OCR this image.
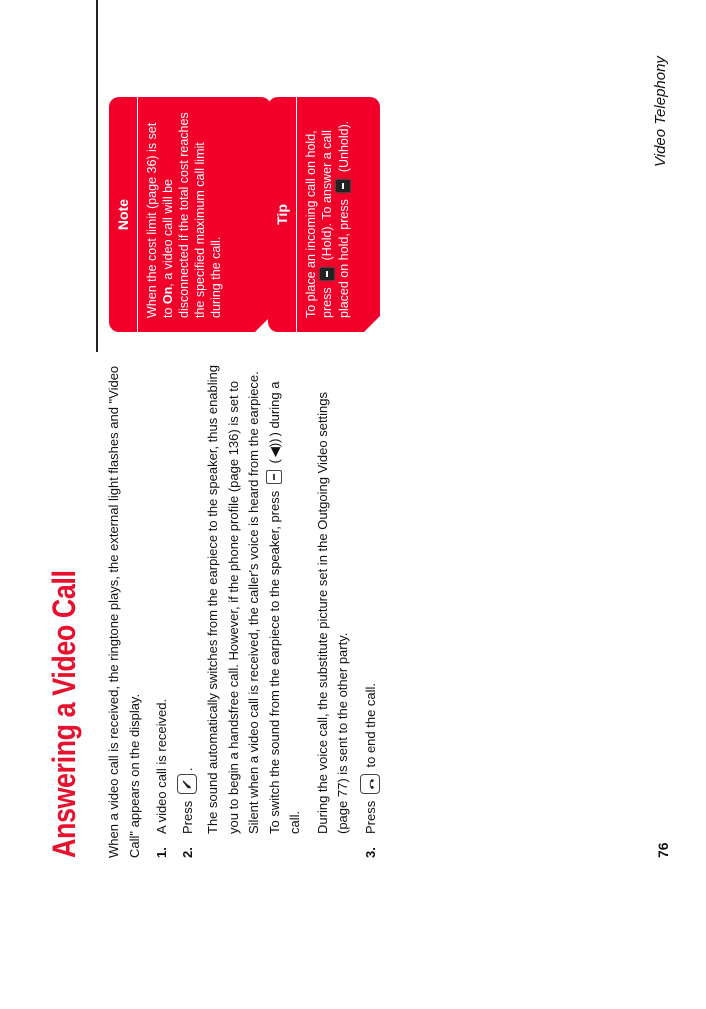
Answering a Video Call When a video call is received, the ringtone plays, the external light flashes and "Video Call" appears on the display. 1.
A video call is received.
2.
Press
. The sound automatically switches from the earpiece to the speaker, thus enabling you to begin a handsfree call. However, if the phone profile (page 136) is set to Silent when a video call is received, the caller's voice is heard from the earpiece. To switch the sound from the earpiece to the speaker, press  (◀))) during a call. During the voice call, the substitute picture set in the Outgoing Video settings (page 77) is sent to the other party.

3.
Press
to end the call.
Note When the cost limit (page 36) is set to On, a video call will be disconnected if the total cost reaches the specified maximum call limit during the call.
Tip To place an incoming call on hold, press  (Hold). To answer a call placed on hold, press  (Unhold).
76
Video Telephony
